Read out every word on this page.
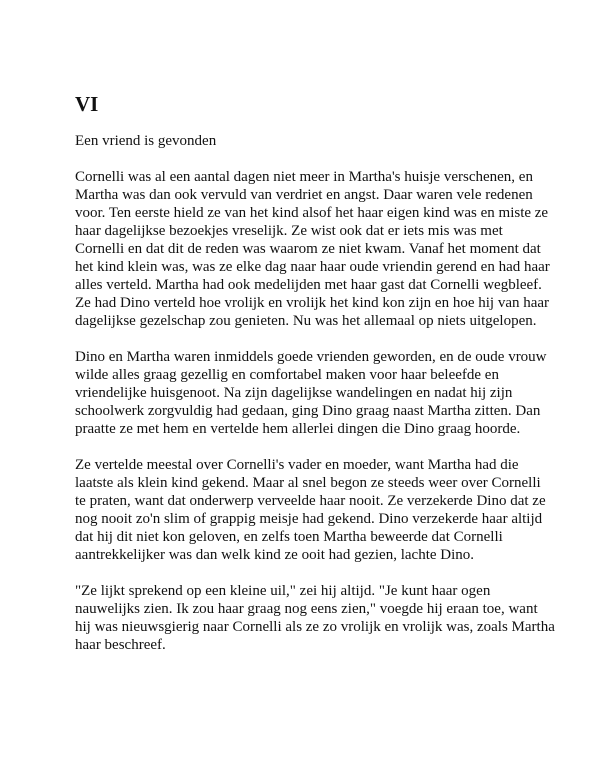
VI
Een vriend is gevonden

Cornelli was al een aantal dagen niet meer in Martha's huisje verschenen, en Martha was dan ook vervuld van verdriet en angst. Daar waren vele redenen voor. Ten eerste hield ze van het kind alsof het haar eigen kind was en miste ze haar dagelijkse bezoekjes vreselijk. Ze wist ook dat er iets mis was met Cornelli en dat dit de reden was waarom ze niet kwam. Vanaf het moment dat het kind klein was, was ze elke dag naar haar oude vriendin gerend en had haar alles verteld. Martha had ook medelijden met haar gast dat Cornelli wegbleef. Ze had Dino verteld hoe vrolijk en vrolijk het kind kon zijn en hoe hij van haar dagelijkse gezelschap zou genieten. Nu was het allemaal op niets uitgelopen.

Dino en Martha waren inmiddels goede vrienden geworden, en de oude vrouw wilde alles graag gezellig en comfortabel maken voor haar beleefde en vriendelijke huisgenoot. Na zijn dagelijkse wandelingen en nadat hij zijn schoolwerk zorgvuldig had gedaan, ging Dino graag naast Martha zitten. Dan praatte ze met hem en vertelde hem allerlei dingen die Dino graag hoorde.

Ze vertelde meestal over Cornelli's vader en moeder, want Martha had die laatste als klein kind gekend. Maar al snel begon ze steeds weer over Cornelli te praten, want dat onderwerp verveelde haar nooit. Ze verzekerde Dino dat ze nog nooit zo'n slim of grappig meisje had gekend. Dino verzekerde haar altijd dat hij dit niet kon geloven, en zelfs toen Martha beweerde dat Cornelli aantrekkelijker was dan welk kind ze ooit had gezien, lachte Dino.

"Ze lijkt sprekend op een kleine uil," zei hij altijd. "Je kunt haar ogen nauwelijks zien. Ik zou haar graag nog eens zien," voegde hij eraan toe, want hij was nieuwsgierig naar Cornelli als ze zo vrolijk en vrolijk was, zoals Martha haar beschreef.
